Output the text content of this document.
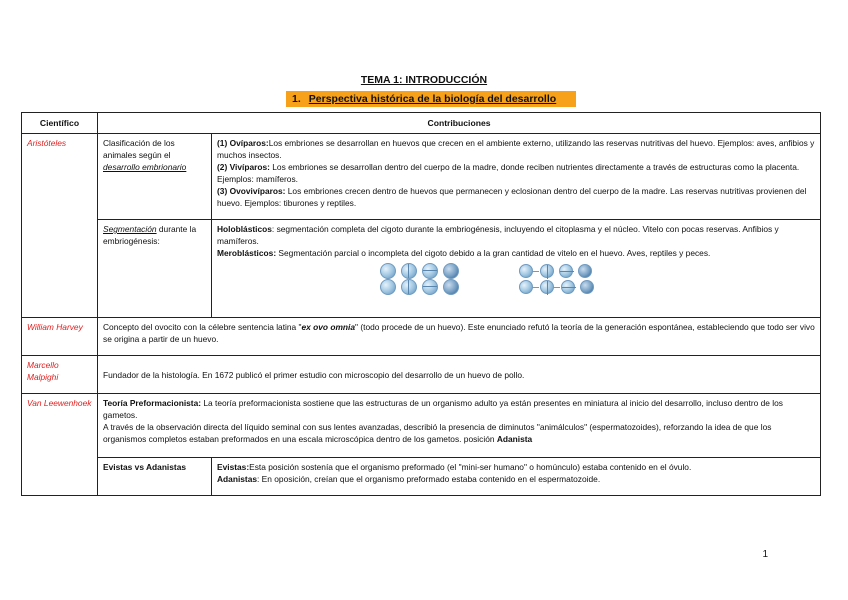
TEMA 1: INTRODUCCIÓN
1. Perspectiva histórica de la biología del desarrollo
Científico	Contribuciones	
Aristóteles	Clasificación de los animales según el desarrollo embrionario	(1) Ovíparos:Los embriones se desarrollan en huevos que crecen en el ambiente externo, utilizando las reservas nutritivas del huevo. Ejemplos: aves, anfibios y muchos insectos.
(2) Vivíparos: Los embriones se desarrollan dentro del cuerpo de la madre, donde reciben nutrientes directamente a través de estructuras como la placenta. Ejemplos: mamíferos.
(3) Ovovivíparos: Los embriones crecen dentro de huevos que permanecen y eclosionan dentro del cuerpo de la madre. Las reservas nutritivas provienen del huevo. Ejemplos: tiburones y reptiles.

	Segmentación durante la embriogénesis:	Holoblásticos: segmentación completa del cigoto durante la embriogénesis, incluyendo el citoplasma y el núcleo. Vitelo con pocas reservas. Anfibios y mamíferos.
Meroblásticos: Segmentación parcial o incompleta del cigoto debido a la gran cantidad de vitelo en el huevo. Aves, reptiles y peces.

William Harvey	Concepto del ovocito con la célebre sentencia latina "ex ovo omnia" (todo procede de un huevo). Este enunciado refutó la teoría de la generación espontánea, estableciendo que todo ser vivo se origina a partir de un huevo.	
Marcello Malpighi	Fundador de la histología. En 1672 publicó el primer estudio con microscopio del desarrollo de un huevo de pollo.	
Van Leewenhoek	Teoría Preformacionista: La teoría preformacionista sostiene que las estructuras de un organismo adulto ya están presentes en miniatura al inicio del desarrollo, incluso dentro de los gametos.
A través de la observación directa del líquido seminal con sus lentes avanzadas, describió la presencia de diminutos "animálculos" (espermatozoides), reforzando la idea de que los organismos completos estaban preformados en una escala microscópica dentro de los gametos. posición Adanista	

	Evistas vs Adanistas	Evistas:Esta posición sostenía que el organismo preformado (el "mini-ser humano" o homúnculo) estaba contenido en el óvulo.
Adanistas: En oposición, creían que el organismo preformado estaba contenido en el espermatozoide.
1
